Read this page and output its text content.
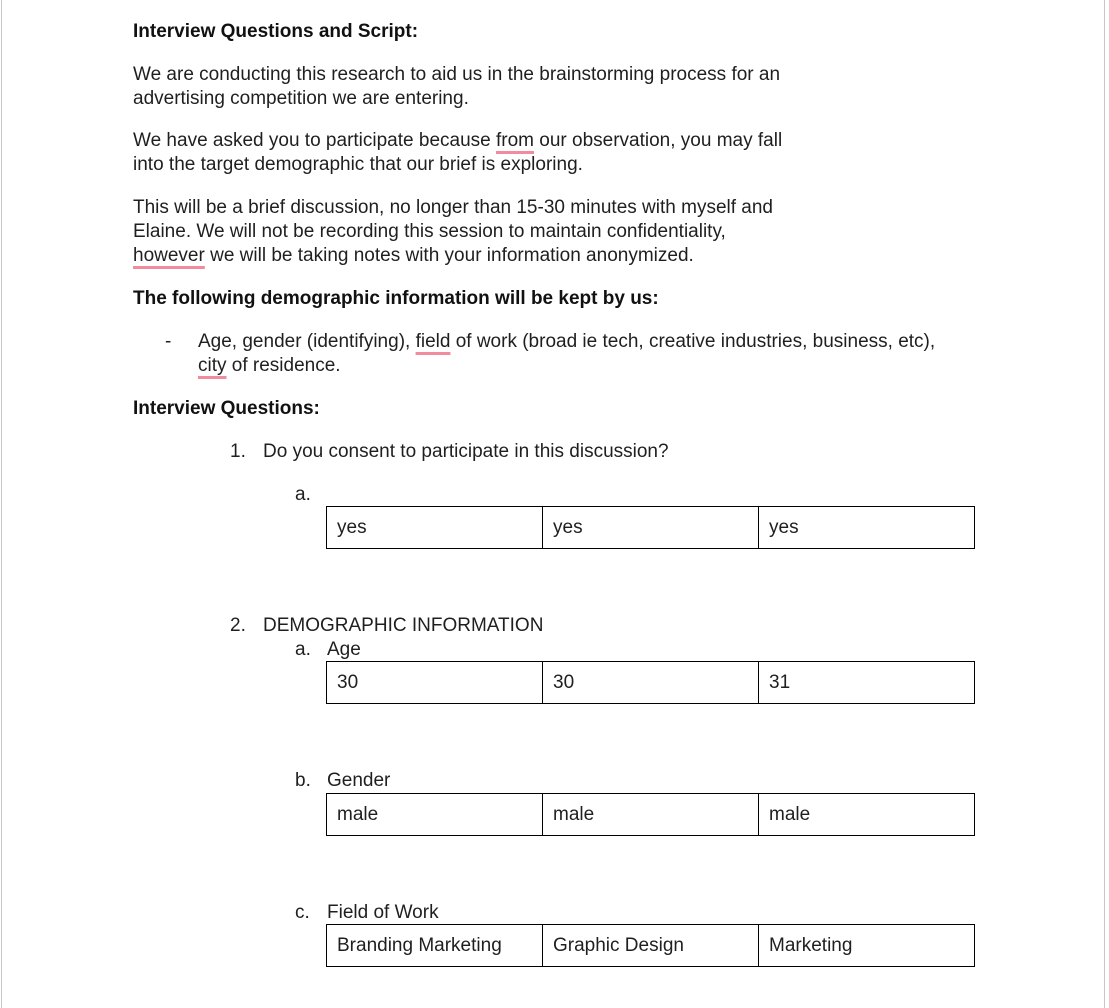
Interview Questions and Script:
We are conducting this research to aid us in the brainstorming process for an
advertising competition we are entering.
We have asked you to participate because from our observation, you may fall
into the target demographic that our brief is exploring.
This will be a brief discussion, no longer than 15-30 minutes with myself and
Elaine. We will not be recording this session to maintain confidentiality,
however we will be taking notes with your information anonymized.
The following demographic information will be kept by us:
- Age, gender (identifying), field of work (broad ie tech, creative industries, business, etc),
city of residence.
Interview Questions:
1. Do you consent to participate in this discussion?
a.
yes	yes	yes
2. DEMOGRAPHIC INFORMATION
a. Age
30	30	31
b. Gender
male	male	male
c. Field of Work
Branding Marketing	Graphic Design	Marketing
